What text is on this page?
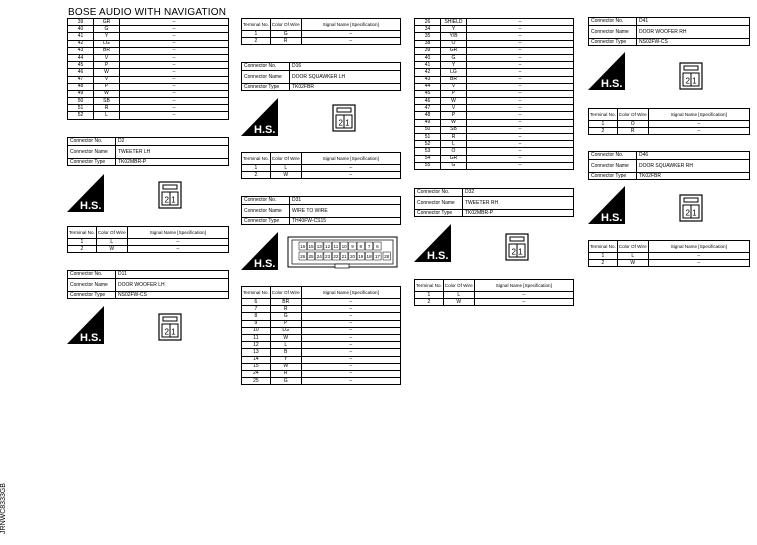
BOSE AUDIO WITH NAVIGATION
JRNWC8333GB
39	GR	–
40	G	–
41	Y	–
42	LG	–
43	BR	–
44	V	–
45	P	–
46	W	–
47	V	–
48	P	–
49	W	–
50	SB	–
51	R	–
52	L	–
Terminal No.	Color Of Wire	Signal Name [Specification]
1	L	–
2	W	–
Terminal No.	Color Of Wire	Signal Name [Specification]
1	G	–
2	R	–
Terminal No.	Color Of Wire	Signal Name [Specification]
1	L	–
2	W	–
Terminal No.	Color Of Wire	Signal Name [Specification]
6	BR	–
7	R	–
8	G	–
9	P	–
10	LG	–
11	W	–
12	L	–
13	B	–
14	Y	–
15	W	–
24	R	–
25	G	–
26	SHIELD	–
34	Y	–
35	Y/B	–
38	O	–
39	GR	–
40	G	–
41	Y	–
42	LG	–
43	BR	–
44	V	–
45	P	–
46	W	–
47	V	–
48	P	–
49	W	–
50	SB	–
51	R	–
52	L	–
53	O	–
54	GR	–
55	G	–
Terminal No.	Color Of Wire	Signal Name [Specification]
1	L	–
2	W	–
Terminal No.	Color Of Wire	Signal Name [Specification]
1	O	–
2	R	–
Terminal No.	Color Of Wire	Signal Name [Specification]
1	L	–
2	W	–
Connector No.	D2
Connector Name	TWEETER LH
Connector Type	TK02MBR-P
Connector No.	D11
Connector Name	DOOR WOOFER LH
Connector Type	NS02FW-CS
Connector No.	D16
Connector Name	DOOR SQUAWKER LH
Connector Type	TK02FBR
Connector No.	D31
Connector Name	WIRE TO WIRE
Connector Type	TH40FW-CS15
Connector No.	D32
Connector Name	TWEETER RH
Connector Type	TK02MBR-P
Connector No.	D41
Connector Name	DOOR WOOFER RH
Connector Type	NS02FW-CS
Connector No.	D46
Connector Name	DOOR SQUAWKER RH
Connector Type	TK02FBR
H.S.
H.S.
H.S.
H.S.
H.S.
H.S.
H.S.
2 1
2 1
2 1
2 1
2 1
2 1
16 15 13 12 11 10 9 8 7 6
26 25 24 23 22 21 20 19 18 17 28
